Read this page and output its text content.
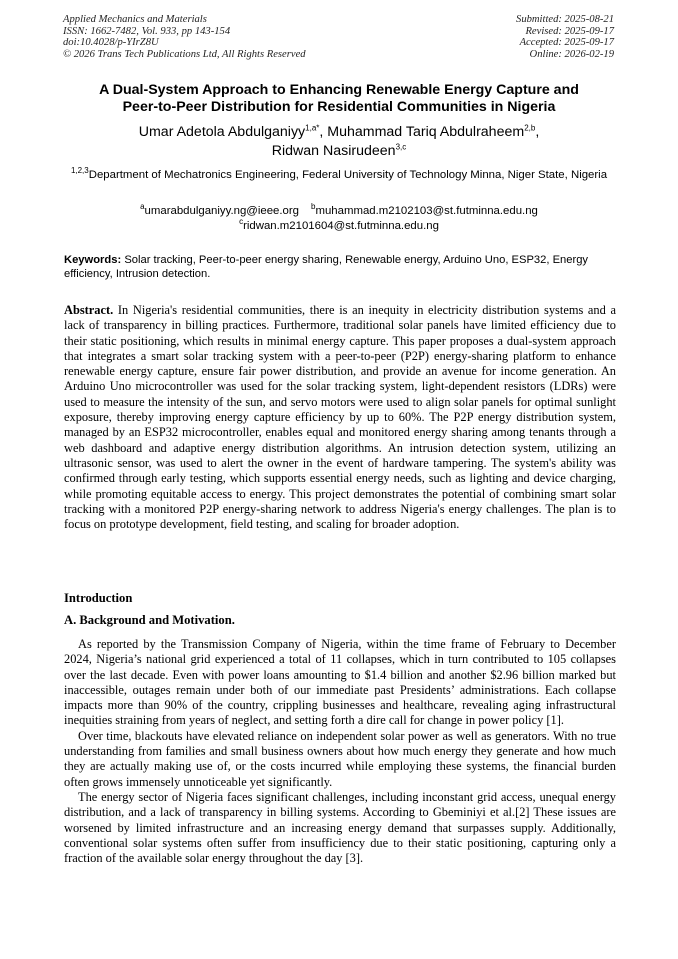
Applied Mechanics and Materials
ISSN: 1662-7482, Vol. 933, pp 143-154
doi:10.4028/p-YIrZ8U
© 2026 Trans Tech Publications Ltd, All Rights Reserved
Submitted: 2025-08-21
Revised: 2025-09-17
Accepted: 2025-09-17
Online: 2026-02-19
A Dual-System Approach to Enhancing Renewable Energy Capture and
Peer-to-Peer Distribution for Residential Communities in Nigeria
Umar Adetola Abdulganiyy$^{1,a*}$, Muhammad Tariq Abdulraheem$^{2,b}$,
Ridwan Nasirudeen$^{3,c}$
$^{1,2,3}$Department of Mechatronics Engineering, Federal University of Technology Minna, Niger State, Nigeria
$^a$umarabdulganiyy.ng@ieee.org $^b$muhammad.m2102103@st.futminna.edu.ng
$^c$ridwan.m2101604@st.futminna.edu.ng
Keywords: Solar tracking, Peer-to-peer energy sharing, Renewable energy, Arduino Uno, ESP32, Energy efficiency, Intrusion detection.
Abstract. In Nigeria's residential communities, there is an inequity in electricity distribution systems and a lack of transparency in billing practices. Furthermore, traditional solar panels have limited efficiency due to their static positioning, which results in minimal energy capture. This paper proposes a dual-system approach that integrates a smart solar tracking system with a peer-to-peer (P2P) energy-sharing platform to enhance renewable energy capture, ensure fair power distribution, and provide an avenue for income generation. An Arduino Uno microcontroller was used for the solar tracking system, light-dependent resistors (LDRs) were used to measure the intensity of the sun, and servo motors were used to align solar panels for optimal sunlight exposure, thereby improving energy capture efficiency by up to 60%. The P2P energy distribution system, managed by an ESP32 microcontroller, enables equal and monitored energy sharing among tenants through a web dashboard and adaptive energy distribution algorithms. An intrusion detection system, utilizing an ultrasonic sensor, was used to alert the owner in the event of hardware tampering. The system's ability was confirmed through early testing, which supports essential energy needs, such as lighting and device charging, while promoting equitable access to energy. This project demonstrates the potential of combining smart solar tracking with a monitored P2P energy-sharing network to address Nigeria's energy challenges. The plan is to focus on prototype development, field testing, and scaling for broader adoption.
Introduction
A. Background and Motivation.

As reported by the Transmission Company of Nigeria, within the time frame of February to December 2024, Nigeria’s national grid experienced a total of 11 collapses, which in turn contributed to 105 collapses over the last decade. Even with power loans amounting to $1.4 billion and another $2.96 billion marked but inaccessible, outages remain under both of our immediate past Presidents’ administrations. Each collapse impacts more than 90% of the country, crippling businesses and healthcare, revealing aging infrastructural inequities straining from years of neglect, and setting forth a dire call for change in power policy [1].

Over time, blackouts have elevated reliance on independent solar power as well as generators. With no true understanding from families and small business owners about how much energy they generate and how much they are actually making use of, or the costs incurred while employing these systems, the financial burden often grows immensely unnoticeable yet significantly.

The energy sector of Nigeria faces significant challenges, including inconstant grid access, unequal energy distribution, and a lack of transparency in billing systems. According to Gbeminiyi et al.[2] These issues are worsened by limited infrastructure and an increasing energy demand that surpasses supply. Additionally, conventional solar systems often suffer from insufficiency due to their static positioning, capturing only a fraction of the available solar energy throughout the day [3].
